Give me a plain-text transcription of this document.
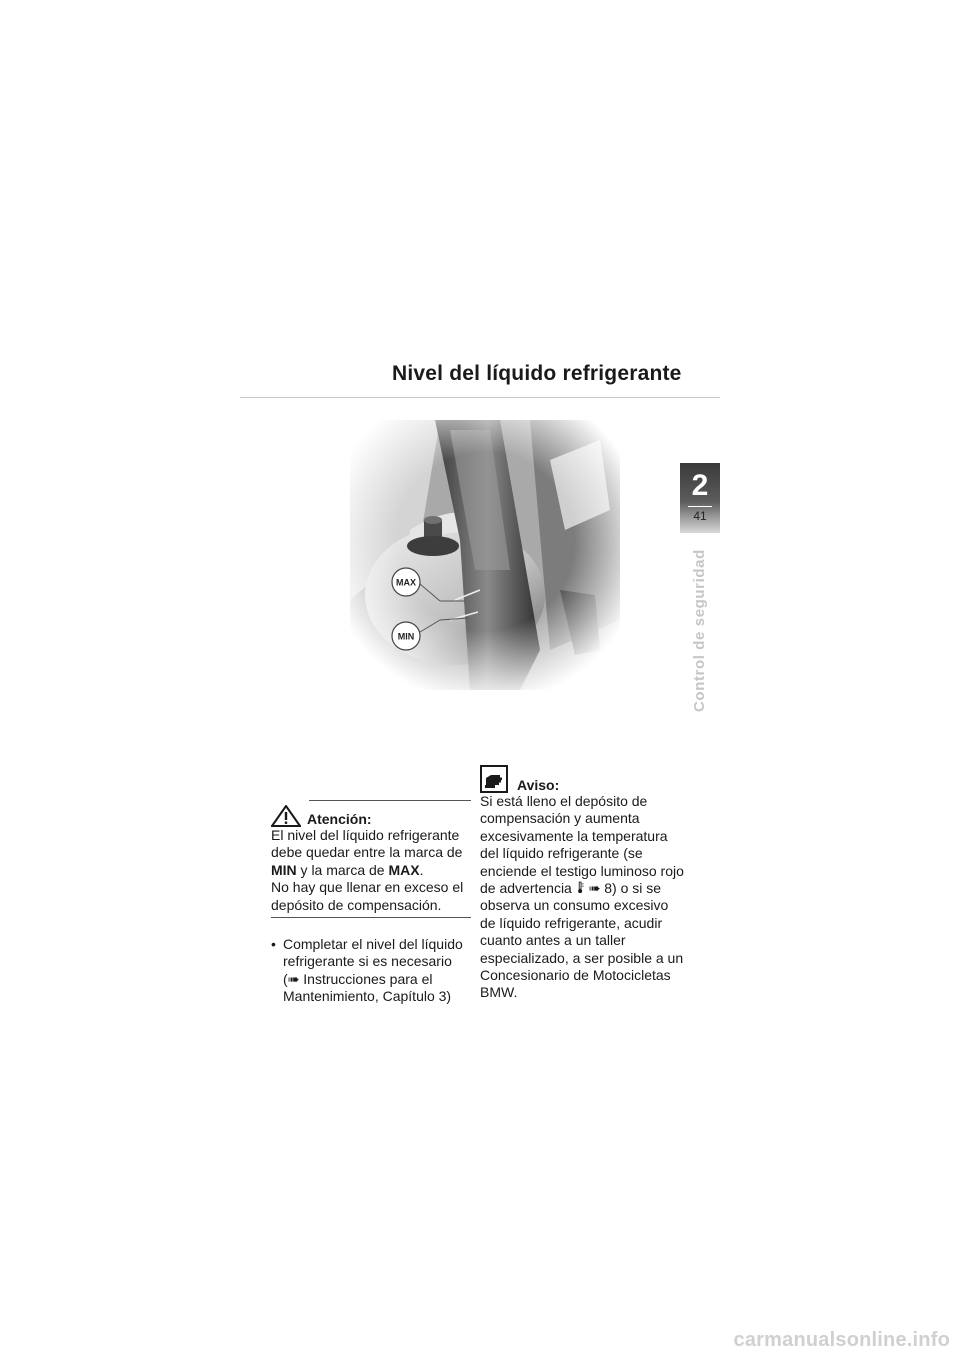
Nivel del líquido refrigerante
2
41
Control de seguridad
MAX
MIN
Atención:
El nivel del líquido refrigerante debe quedar entre la marca de MIN y la marca de MAX.
No hay que llenar en exceso el depósito de compensación.
• Completar el nivel del líquido refrigerante si es necesario (➠ Instrucciones para el Mantenimiento, Capítulo 3)
Aviso:
Si está lleno el depósito de compensación y aumenta excesivamente la temperatura del líquido refrigerante (se enciende el testigo luminoso rojo de advertencia  ➠ 8) o si se observa un consumo excesivo de líquido refrigerante, acudir cuanto antes a un taller especializado, a ser posible a un Concesionario de Motocicletas BMW.
carmanualsonline.info
